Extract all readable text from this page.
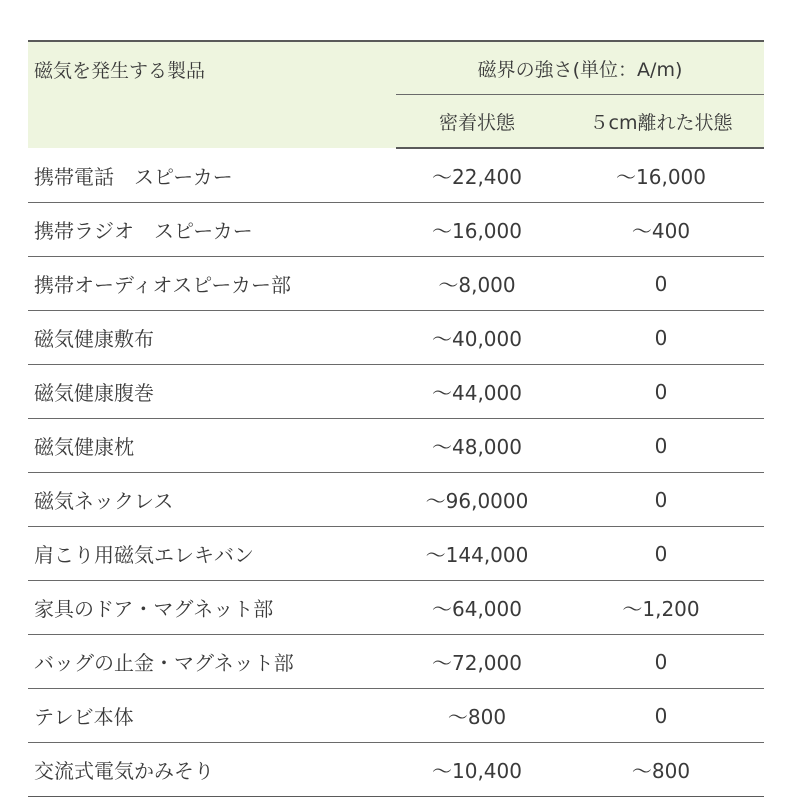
磁気を発生する製品	磁界の強さ(単位：A/m)	
	密着状態	５cm離れた状態
携帯電話　スピーカー	～22,400	～16,000
携帯ラジオ　スピーカー	～16,000	～400
携帯オーディオスピーカー部	～8,000	0
磁気健康敷布	～40,000	0
磁気健康腹巻	～44,000	0
磁気健康枕	～48,000	0
磁気ネックレス	～96,0000	0
肩こり用磁気エレキバン	～144,000	0
家具のドア・マグネット部	～64,000	～1,200
バッグの止金・マグネット部	～72,000	0
テレビ本体	～800	0
交流式電気かみそり	～10,400	～800
